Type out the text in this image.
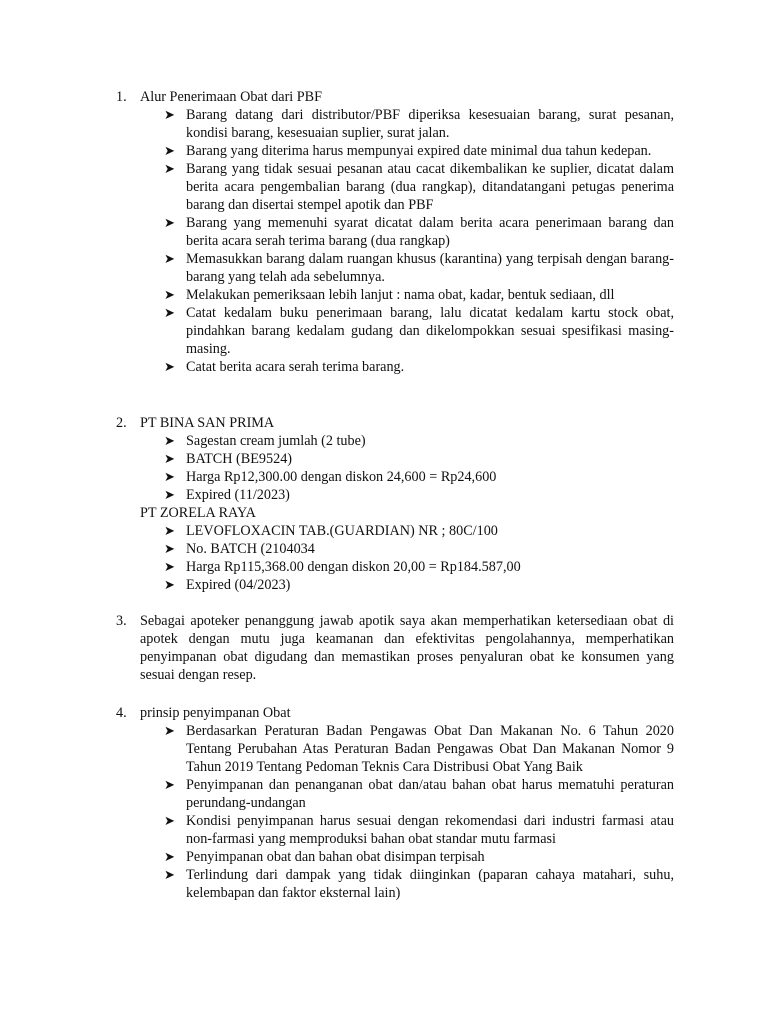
1. Alur Penerimaan Obat dari PBF
➤ Barang datang dari distributor/PBF diperiksa kesesuaian barang, surat pesanan, kondisi barang, kesesuaian suplier, surat jalan.
➤ Barang yang diterima harus mempunyai expired date minimal dua tahun kedepan.
➤ Barang yang tidak sesuai pesanan atau cacat dikembalikan ke suplier, dicatat dalam berita acara pengembalian barang (dua rangkap), ditandatangani petugas penerima barang dan disertai stempel apotik dan PBF
➤ Barang yang memenuhi syarat dicatat dalam berita acara penerimaan barang dan berita acara serah terima barang (dua rangkap)
➤ Memasukkan barang dalam ruangan khusus (karantina) yang terpisah dengan barang-barang yang telah ada sebelumnya.
➤ Melakukan pemeriksaan lebih lanjut : nama obat, kadar, bentuk sediaan, dll
➤ Catat kedalam buku penerimaan barang, lalu dicatat kedalam kartu stock obat, pindahkan barang kedalam gudang dan dikelompokkan sesuai spesifikasi masing-masing.
➤ Catat berita acara serah terima barang.
2. PT BINA SAN PRIMA
➤ Sagestan cream jumlah (2 tube)
➤ BATCH (BE9524)
➤ Harga Rp12,300.00 dengan diskon 24,600 = Rp24,600
➤ Expired (11/2023)
PT ZORELA RAYA
➤ LEVOFLOXACIN TAB.(GUARDIAN) NR ; 80C/100
➤ No. BATCH (2104034
➤ Harga Rp115,368.00 dengan diskon 20,00 = Rp184.587,00
➤ Expired (04/2023)
3. Sebagai apoteker penanggung jawab apotik saya akan memperhatikan ketersediaan obat di apotek dengan mutu juga keamanan dan efektivitas pengolahannya, memperhatikan penyimpanan obat digudang dan memastikan proses penyaluran obat ke konsumen yang sesuai dengan resep.

4. prinsip penyimpanan Obat
➤ Berdasarkan Peraturan Badan Pengawas Obat Dan Makanan No. 6 Tahun 2020 Tentang Perubahan Atas Peraturan Badan Pengawas Obat Dan Makanan Nomor 9 Tahun 2019 Tentang Pedoman Teknis Cara Distribusi Obat Yang Baik
➤ Penyimpanan dan penanganan obat dan/atau bahan obat harus mematuhi peraturan perundang-undangan
➤ Kondisi penyimpanan harus sesuai dengan rekomendasi dari industri farmasi atau non-farmasi yang memproduksi bahan obat standar mutu farmasi
➤ Penyimpanan obat dan bahan obat disimpan terpisah
➤ Terlindung dari dampak yang tidak diinginkan (paparan cahaya matahari, suhu, kelembapan dan faktor eksternal lain)
